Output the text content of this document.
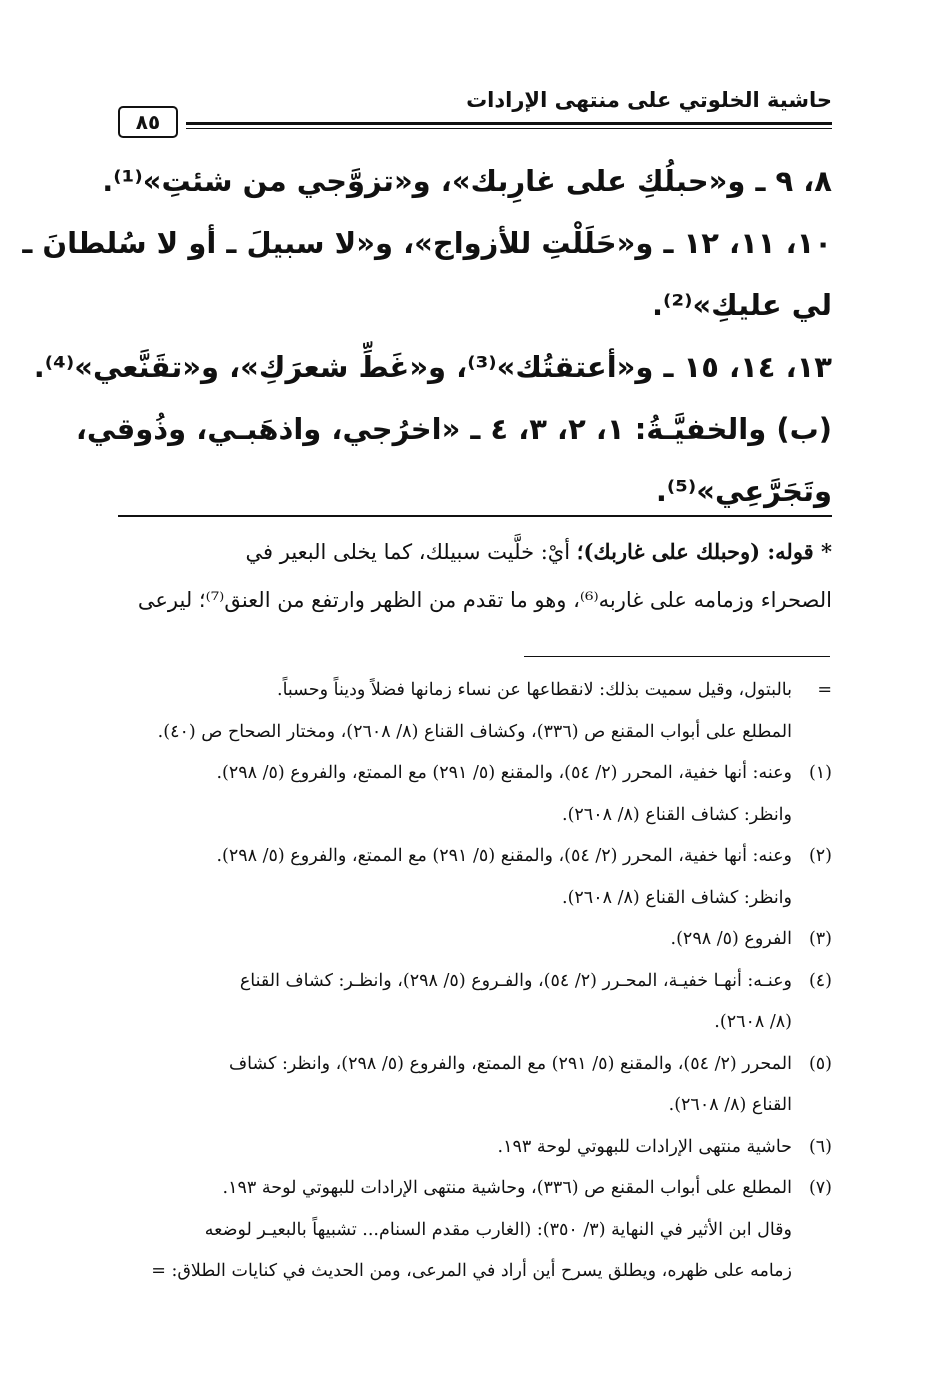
حاشية الخلوتي على منتهى الإرادات
٨٥
٨، ٩ ـ و«حبلُكِ على غارِبك»، و«تزوَّجي من شئتِ»⁽¹⁾.
١٠، ١١، ١٢ ـ و«حَلَلْتِ للأزواج»، و«لا سبيلَ ـ أو لا سُلطانَ ـ
لي عليكِ»⁽²⁾.
١٣، ١٤، ١٥ ـ و«أعتقتُك»⁽³⁾، و«غَطِّ شعرَكِ»، و«تقَنَّعي»⁽⁴⁾.
(ب) والخفيَّـةُ: ١، ٢، ٣، ٤ ـ «اخرُجي، واذهَبـي، وذُوقي،
وتَجَرَّعِي»⁽⁵⁾.
* قوله: (وحبلك على غاربك)؛ أيْ: خلَّيت سبيلك، كما يخلى البعير في
الصحراء وزمامه على غاربه⁽⁶⁾، وهو ما تقدم من الظهر وارتفع من العنق⁽⁷⁾؛ ليرعى
=بالبتول، وقيل سميت بذلك: لانقطاعها عن نساء زمانها فضلاً وديناً وحسباً.
المطلع على أبواب المقنع ص (٣٣٦)، وكشاف القناع (٨/ ٢٦٠٨)، ومختار الصحاح ص (٤٠).
(١)وعنه: أنها خفية، المحرر (٢/ ٥٤)، والمقنع (٥/ ٢٩١) مع الممتع، والفروع (٥/ ٢٩٨).
وانظر: كشاف القناع (٨/ ٢٦٠٨).
(٢)وعنه: أنها خفية، المحرر (٢/ ٥٤)، والمقنع (٥/ ٢٩١) مع الممتع، والفروع (٥/ ٢٩٨).
وانظر: كشاف القناع (٨/ ٢٦٠٨).
(٣)الفروع (٥/ ٢٩٨).
(٤)وعنـه: أنهـا خفيـة، المحـرر (٢/ ٥٤)، والفـروع (٥/ ٢٩٨)، وانظـر: كشاف القناع
(٨/ ٢٦٠٨).
(٥)المحرر (٢/ ٥٤)، والمقنع (٥/ ٢٩١) مع الممتع، والفروع (٥/ ٢٩٨)، وانظر: كشاف
القناع (٨/ ٢٦٠٨).
(٦)حاشية منتهى الإرادات للبهوتي لوحة ١٩٣.
(٧)المطلع على أبواب المقنع ص (٣٣٦)، وحاشية منتهى الإرادات للبهوتي لوحة ١٩٣.
وقال ابن الأثير في النهاية (٣/ ٣٥٠): (الغارب مقدم السنام... تشبيهاً بالبعيـر لوضعه
زمامه على ظهره، ويطلق يسرح أين أراد في المرعى، ومن الحديث في كنايات الطلاق: =
